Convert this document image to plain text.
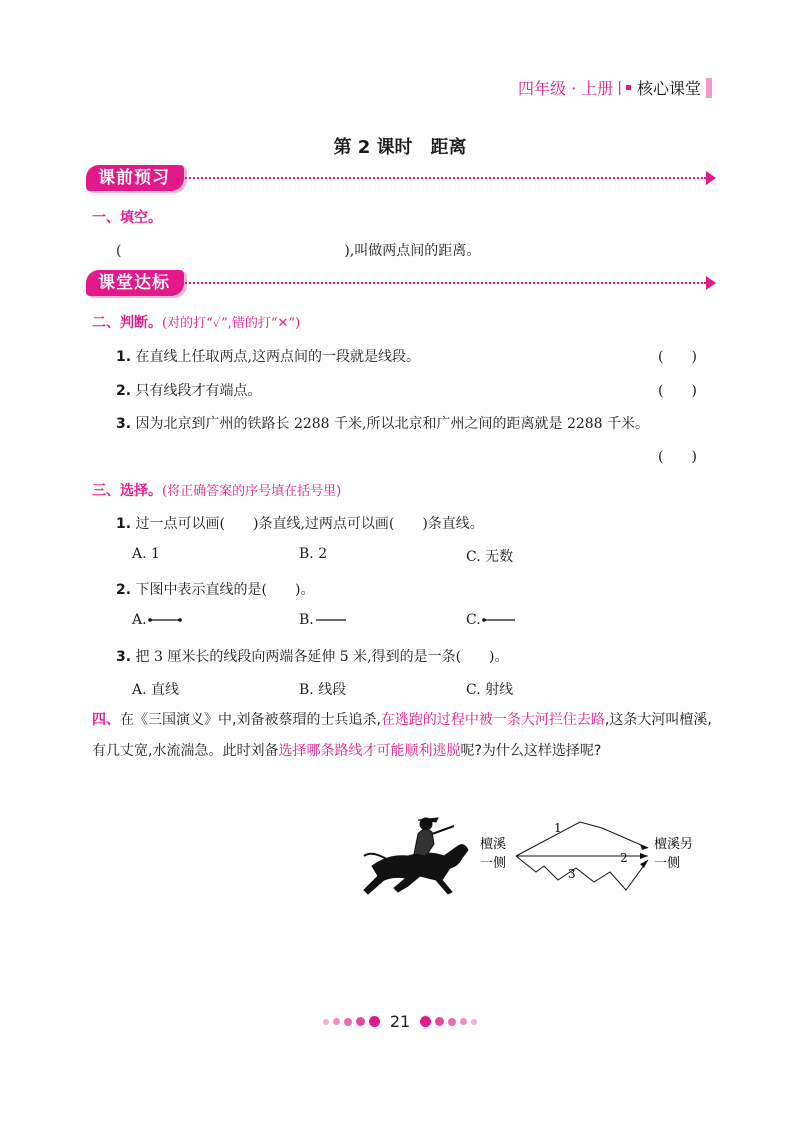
四年级 · 上册 | 核心课堂
第 2 课时　距离
课前预习
一、填空。
(	),叫做两点间的距离。
课堂达标
二、判断。(对的打“✓”,错的打“✕”)
1. 在直线上任取两点,这两点间的一段就是线段。	(　　)
2. 只有线段才有端点。	(　　)
3. 因为北京到广州的铁路长 2288 千米,所以北京和广州之间的距离就是 2288 千米。
(　　)
三、选择。(将正确答案的序号填在括号里)
1. 过一点可以画(　　)条直线,过两点可以画(　　)条直线。
A. 1	B. 2	C. 无数
2. 下图中表示直线的是(　　)。
A.	B.	C.
3. 把 3 厘米长的线段向两端各延伸 5 米,得到的是一条(　　)。
A. 直线	B. 线段	C. 射线
四、在《三国演义》中,刘备被蔡瑁的士兵追杀,在逃跑的过程中被一条大河拦住去路,这条大河叫檀溪,有几丈宽,水流湍急。此时刘备选择哪条路线才可能顺利逃脱呢?为什么这样选择呢?
檀溪
一侧
檀溪另
一侧
1
2
3
21
